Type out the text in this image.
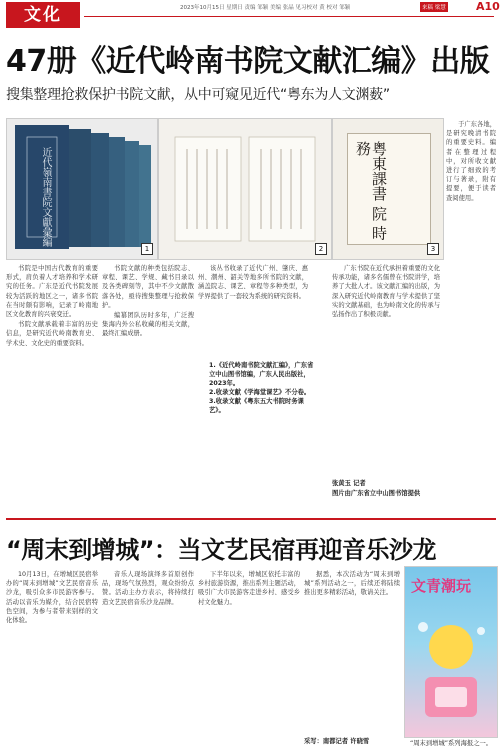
文化	2023年10月15日 星期日 责编 邹颖 美编 张晶 见习校对 黄 校对 邹颖	来稿 梁慧	A10
47册《近代岭南书院文献汇编》出版
搜集整理抢救保护书院文献，从中可窥见近代“粤东为人文渊薮”
近代嶺南書院文獻彙編
1	2
粤東課書 院 時務
3

于广东各地，是研究晚清书院的重要史料。编者在整理过程中，对所收文献进行了细致的考订与著录，附有提要，便于读者查阅使用。

书院是中国古代教育的重要形式，肩负着人才培养和学术研究的任务。广东是近代书院发展较为活跃的地区之一，诸多书院在当时颇有影响，记录了岭南地区文化教育的兴衰变迁。

书院文献承载着丰富的历史信息，是研究近代岭南教育史、学术史、文化史的重要资料。

书院文献的种类包括院志、章程、课艺、学规、藏书目录以及各类碑刻等，其中不少文献散落各处，亟待搜集整理与抢救保护。

编纂团队历时多年，广泛搜集海内外公私收藏的相关文献，最终汇编成册。

该丛书收录了近代广州、肇庆、惠州、潮州、韶关等地多所书院的文献，涵盖院志、课艺、章程等多种类型，为学界提供了一套较为系统的研究资料。

1.《近代岭南书院文献汇编》，广东省立中山图书馆编，广东人民出版社，2023年。
2.收录文献《学海堂课艺》不分卷。
3.收录文献《粤东五大书院时务课艺》。

广东书院在近代承担着重要的文化传承功能，诸多名儒曾在书院讲学，培养了大批人才。该文献汇编的出版，为深入研究近代岭南教育与学术提供了坚实的文献基础，也为岭南文化的传承与弘扬作出了积极贡献。

张黄玉 记者
图片由广东省立中山图书馆提供
“周末到增城”：当文艺民宿再迎音乐沙龙

10月13日，在增城区民宿举办的“周末到增城”文艺民宿音乐沙龙，吸引众多市民游客参与。活动以音乐为媒介，结合民宿特色空间，为参与者带来别样的文化体验。

音乐人现场演绎多首原创作品，现场气氛热烈，观众纷纷点赞。活动主办方表示，将持续打造文艺民宿音乐沙龙品牌。

下半年以来，增城区依托丰富的乡村旅游资源，推出系列主题活动，吸引广大市民游客走进乡村、感受乡村文化魅力。

据悉，本次活动为“周末到增城”系列活动之一，后续还将陆续推出更多精彩活动，敬请关注。

采写：南都记者 许晓雪
文青潮玩
“周末到增城”系列海报之一。
